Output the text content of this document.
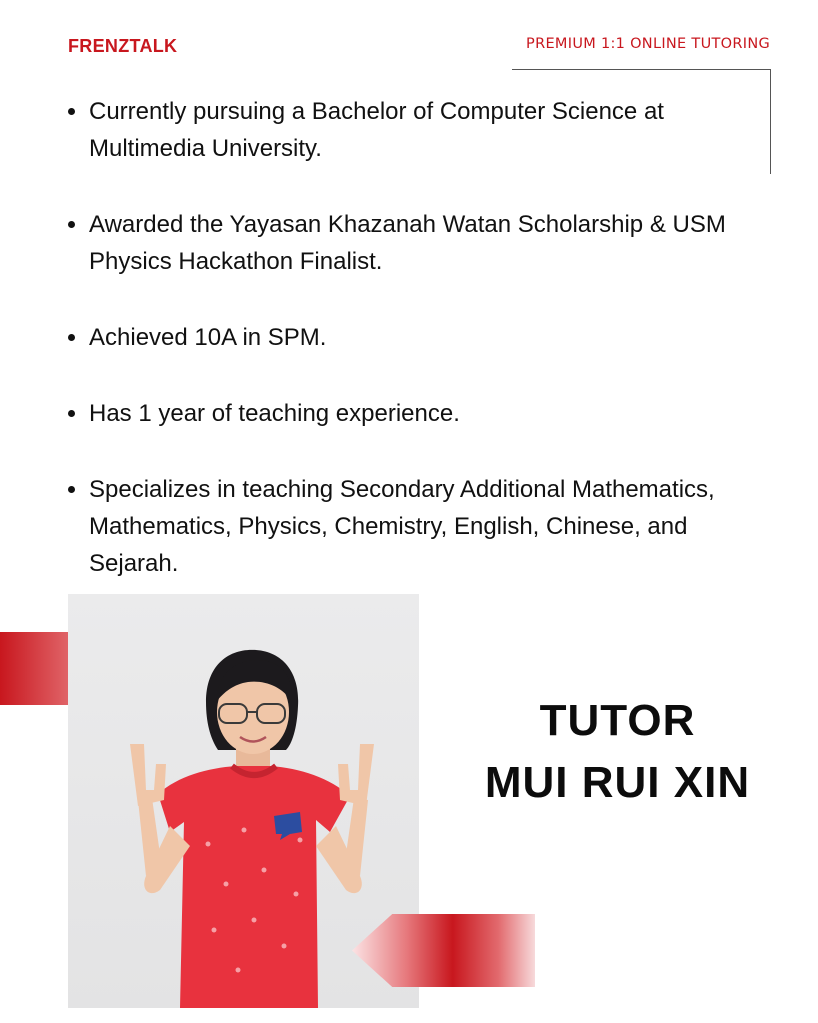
FRENZTALK	PREMIUM 1:1 ONLINE TUTORING
Currently pursuing a Bachelor of Computer Science at Multimedia University.
Awarded the Yayasan Khazanah Watan Scholarship & USM Physics Hackathon Finalist.
Achieved 10A in SPM.
Has 1 year of teaching experience.
Specializes in teaching Secondary Additional Mathematics, Mathematics, Physics, Chemistry, English, Chinese, and Sejarah.
TUTOR
MUI RUI XIN
